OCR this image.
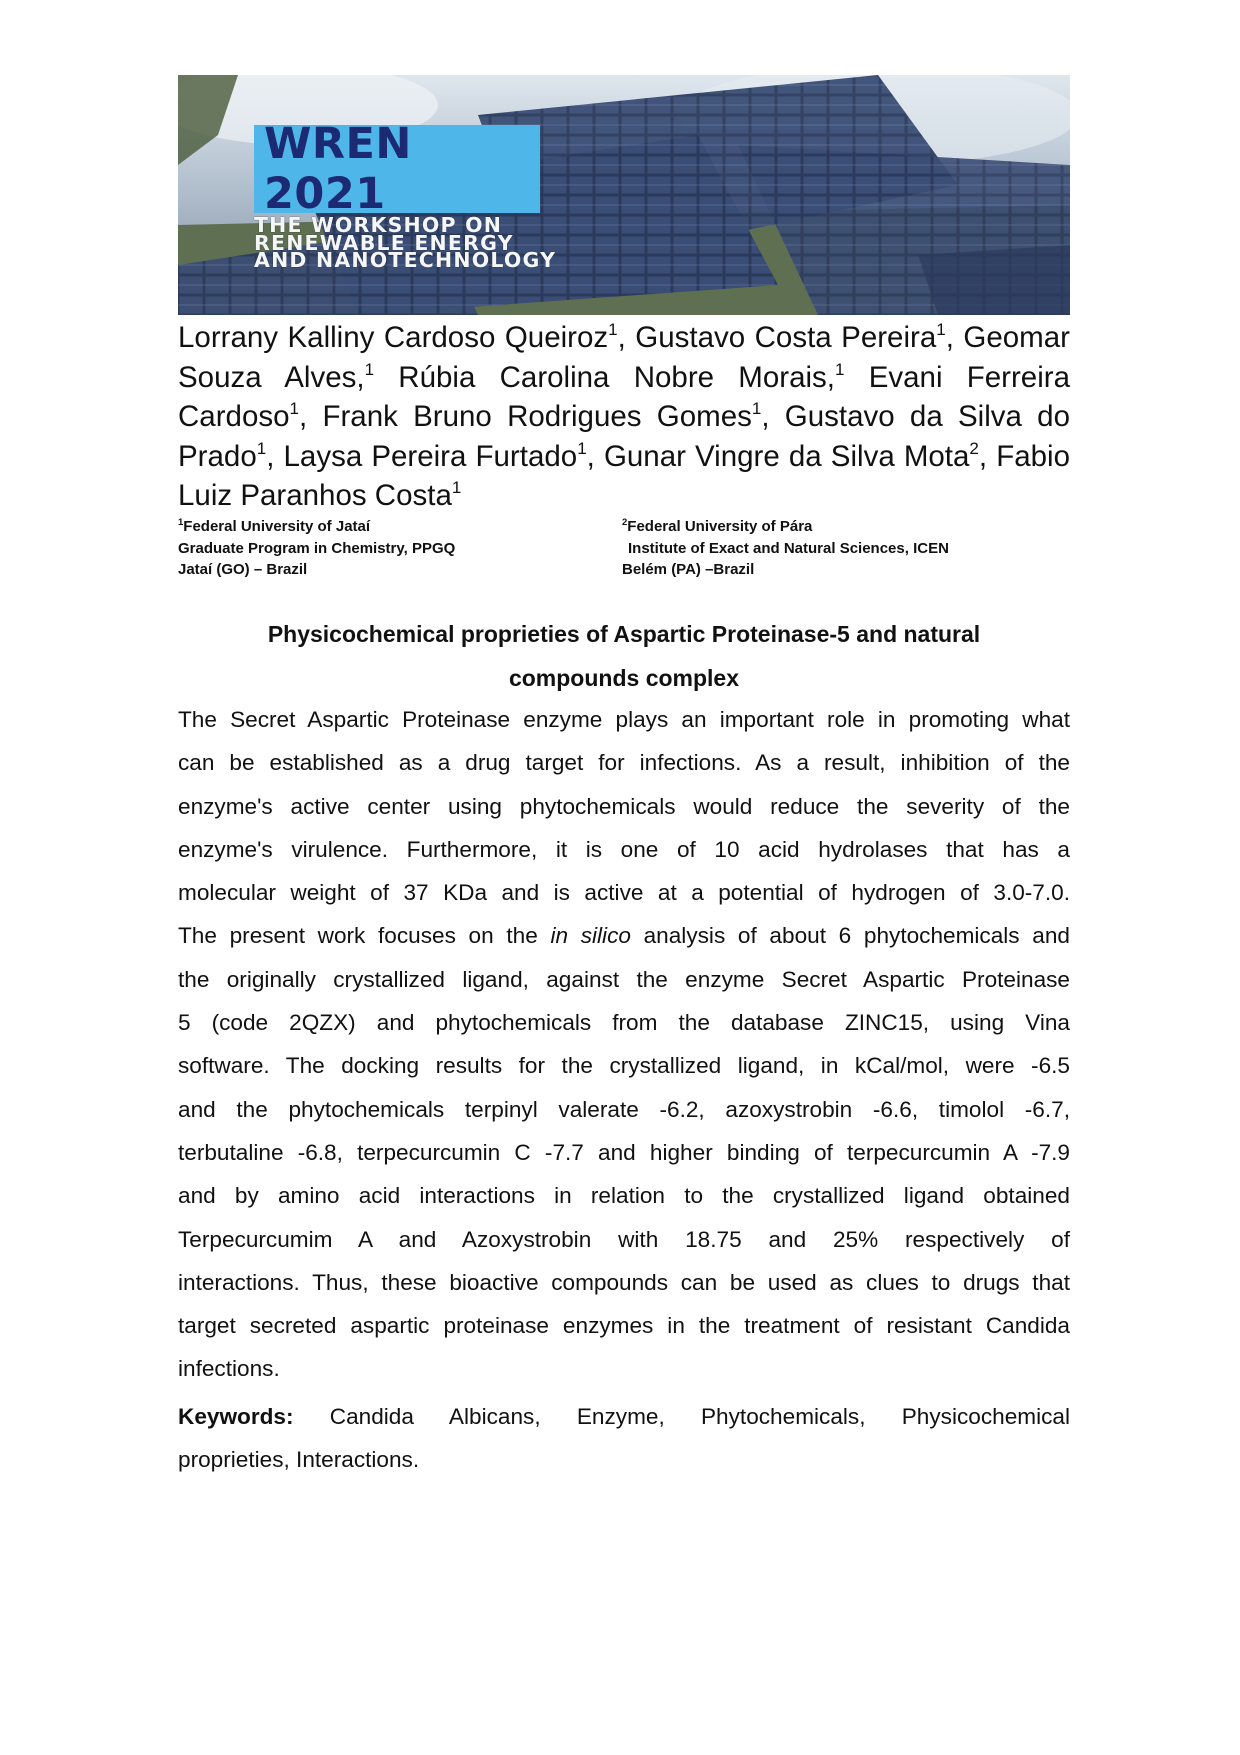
WREN 2021
THE WORKSHOP ON
RENEWABLE ENERGY
AND NANOTECHNOLOGY
Lorrany Kalliny Cardoso Queiroz$^1$, Gustavo Costa Pereira$^1$, Geomar Souza Alves,$^1$ Rúbia Carolina Nobre Morais,$^1$ Evani Ferreira Cardoso$^1$, Frank Bruno Rodrigues Gomes$^1$, Gustavo da Silva do Prado$^1$, Laysa Pereira Furtado$^1$, Gunar Vingre da Silva Mota$^2$, Fabio Luiz Paranhos Costa$^1$
$^1$Federal University of Jataí
Graduate Program in Chemistry, PPGQ
Jataí (GO) – Brazil
$^2$Federal University of Pára
Institute of Exact and Natural Sciences, ICEN
Belém (PA) –Brazil
Physicochemical proprieties of Aspartic Proteinase-5 and natural
compounds complex
The Secret Aspartic Proteinase enzyme plays an important role in promoting what
can be established as a drug target for infections. As a result, inhibition of the
enzyme's active center using phytochemicals would reduce the severity of the
enzyme's virulence. Furthermore, it is one of 10 acid hydrolases that has a
molecular weight of 37 KDa and is active at a potential of hydrogen of 3.0-7.0.
The present work focuses on the in silico analysis of about 6 phytochemicals and
the originally crystallized ligand, against the enzyme Secret Aspartic Proteinase
5 (code 2QZX) and phytochemicals from the database ZINC15, using Vina
software. The docking results for the crystallized ligand, in kCal/mol, were -6.5
and the phytochemicals terpinyl valerate -6.2, azoxystrobin -6.6, timolol -6.7,
terbutaline -6.8, terpecurcumin C -7.7 and higher binding of terpecurcumin A -7.9
and by amino acid interactions in relation to the crystallized ligand obtained
Terpecurcumim A and Azoxystrobin with 18.75 and 25% respectively of
interactions. Thus, these bioactive compounds can be used as clues to drugs that
target secreted aspartic proteinase enzymes in the treatment of resistant Candida
infections.
Keywords: Candida Albicans, Enzyme, Phytochemicals, Physicochemical
proprieties, Interactions.
